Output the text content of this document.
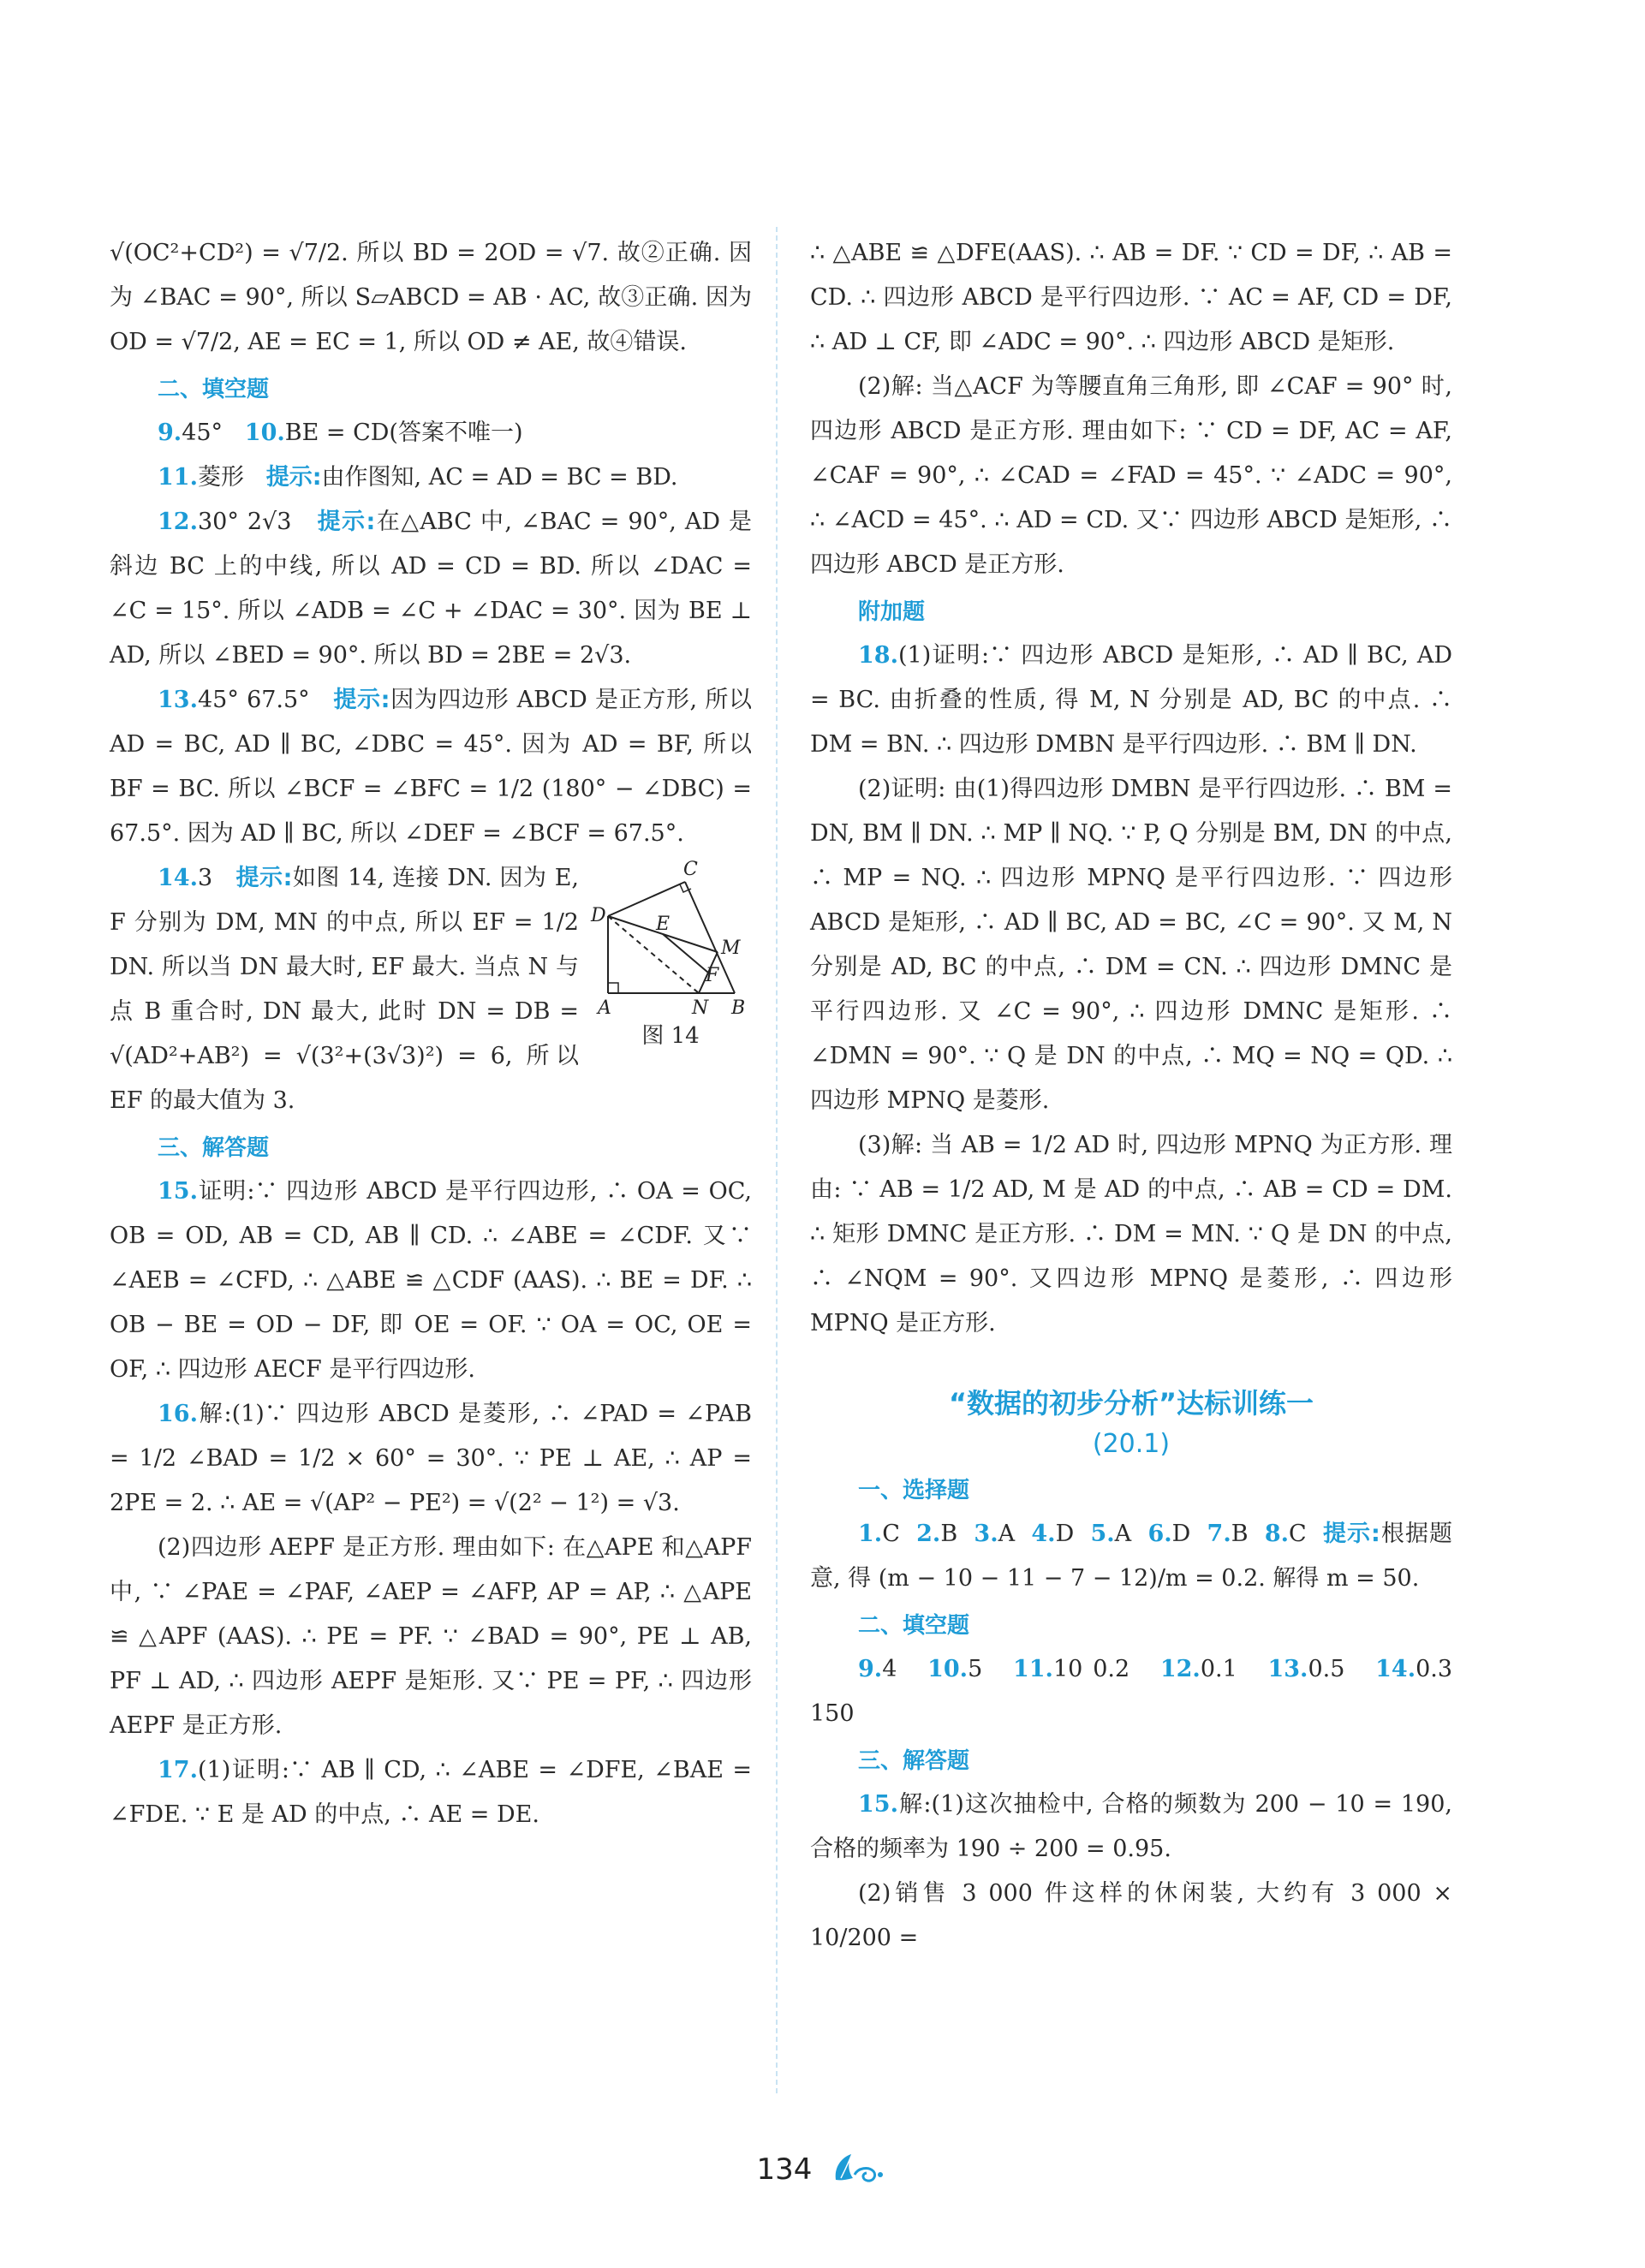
√(OC²+CD²) = √7/2. 所以 BD = 2OD = √7. 故②正确. 因为 ∠BAC = 90°, 所以 S▱ABCD = AB · AC, 故③正确. 因为 OD = √7/2, AE = EC = 1, 所以 OD ≠ AE, 故④错误.

二、填空题

9.45° 10.BE = CD(答案不唯一)

11.菱形 提示:由作图知, AC = AD = BC = BD.

12.30° 2√3 提示:在△ABC 中, ∠BAC = 90°, AD 是斜边 BC 上的中线, 所以 AD = CD = BD. 所以 ∠DAC = ∠C = 15°. 所以 ∠ADB = ∠C + ∠DAC = 30°. 因为 BE ⊥ AD, 所以 ∠BED = 90°. 所以 BD = 2BE = 2√3.

13.45° 67.5° 提示:因为四边形 ABCD 是正方形, 所以 AD = BC, AD ∥ BC, ∠DBC = 45°. 因为 AD = BF, 所以 BF = BC. 所以 ∠BCF = ∠BFC = 1/2 (180° − ∠DBC) = 67.5°. 因为 AD ∥ BC, 所以 ∠DEF = ∠BCF = 67.5°.

D
C
E
M
F
A	N B
图 14

14.3 提示:如图 14, 连接 DN. 因为 E, F 分别为 DM, MN 的中点, 所以 EF = 1/2 DN. 所以当 DN 最大时, EF 最大. 当点 N 与点 B 重合时, DN 最大, 此时 DN = DB = √(AD²+AB²) = √(3²+(3√3)²) = 6, 所以 EF 的最大值为 3.

三、解答题

15.证明:∵ 四边形 ABCD 是平行四边形, ∴ OA = OC, OB = OD, AB = CD, AB ∥ CD. ∴ ∠ABE = ∠CDF. 又∵ ∠AEB = ∠CFD, ∴ △ABE ≌ △CDF (AAS). ∴ BE = DF. ∴ OB − BE = OD − DF, 即 OE = OF. ∵ OA = OC, OE = OF, ∴ 四边形 AECF 是平行四边形.

16.解:(1)∵ 四边形 ABCD 是菱形, ∴ ∠PAD = ∠PAB = 1/2 ∠BAD = 1/2 × 60° = 30°. ∵ PE ⊥ AE, ∴ AP = 2PE = 2. ∴ AE = √(AP² − PE²) = √(2² − 1²) = √3.

(2)四边形 AEPF 是正方形. 理由如下: 在△APE 和△APF 中, ∵ ∠PAE = ∠PAF, ∠AEP = ∠AFP, AP = AP, ∴ △APE ≌ △APF (AAS). ∴ PE = PF. ∵ ∠BAD = 90°, PE ⊥ AB, PF ⊥ AD, ∴ 四边形 AEPF 是矩形. 又∵ PE = PF, ∴ 四边形 AEPF 是正方形.

17.(1)证明:∵ AB ∥ CD, ∴ ∠ABE = ∠DFE, ∠BAE = ∠FDE. ∵ E 是 AD 的中点, ∴ AE = DE.

∴ △ABE ≌ △DFE(AAS). ∴ AB = DF. ∵ CD = DF, ∴ AB = CD. ∴ 四边形 ABCD 是平行四边形. ∵ AC = AF, CD = DF, ∴ AD ⊥ CF, 即 ∠ADC = 90°. ∴ 四边形 ABCD 是矩形.

(2)解: 当△ACF 为等腰直角三角形, 即 ∠CAF = 90° 时, 四边形 ABCD 是正方形. 理由如下: ∵ CD = DF, AC = AF, ∠CAF = 90°, ∴ ∠CAD = ∠FAD = 45°. ∵ ∠ADC = 90°, ∴ ∠ACD = 45°. ∴ AD = CD. 又∵ 四边形 ABCD 是矩形, ∴ 四边形 ABCD 是正方形.

附加题

18.(1)证明:∵ 四边形 ABCD 是矩形, ∴ AD ∥ BC, AD = BC. 由折叠的性质, 得 M, N 分别是 AD, BC 的中点. ∴ DM = BN. ∴ 四边形 DMBN 是平行四边形. ∴ BM ∥ DN.

(2)证明: 由(1)得四边形 DMBN 是平行四边形. ∴ BM = DN, BM ∥ DN. ∴ MP ∥ NQ. ∵ P, Q 分别是 BM, DN 的中点, ∴ MP = NQ. ∴ 四边形 MPNQ 是平行四边形. ∵ 四边形 ABCD 是矩形, ∴ AD ∥ BC, AD = BC, ∠C = 90°. 又 M, N 分别是 AD, BC 的中点, ∴ DM = CN. ∴ 四边形 DMNC 是平行四边形. 又 ∠C = 90°, ∴ 四边形 DMNC 是矩形. ∴ ∠DMN = 90°. ∵ Q 是 DN 的中点, ∴ MQ = NQ = QD. ∴ 四边形 MPNQ 是菱形.

(3)解: 当 AB = 1/2 AD 时, 四边形 MPNQ 为正方形. 理由: ∵ AB = 1/2 AD, M 是 AD 的中点, ∴ AB = CD = DM. ∴ 矩形 DMNC 是正方形. ∴ DM = MN. ∵ Q 是 DN 的中点, ∴ ∠NQM = 90°. 又四边形 MPNQ 是菱形, ∴ 四边形 MPNQ 是正方形.

“数据的初步分析”达标训练一
(20.1)
一、选择题

1.C 2.B 3.A 4.D 5.A 6.D 7.B 8.C 提示:根据题意, 得 (m − 10 − 11 − 7 − 12)/m = 0.2. 解得 m = 50.

二、填空题

9.4 10.5 11.10 0.2 12.0.1 13.0.5 14.0.3 150

三、解答题

15.解:(1)这次抽检中, 合格的频数为 200 − 10 = 190, 合格的频率为 190 ÷ 200 = 0.95.

(2)销售 3 000 件这样的休闲装, 大约有 3 000 × 10/200 =

134
